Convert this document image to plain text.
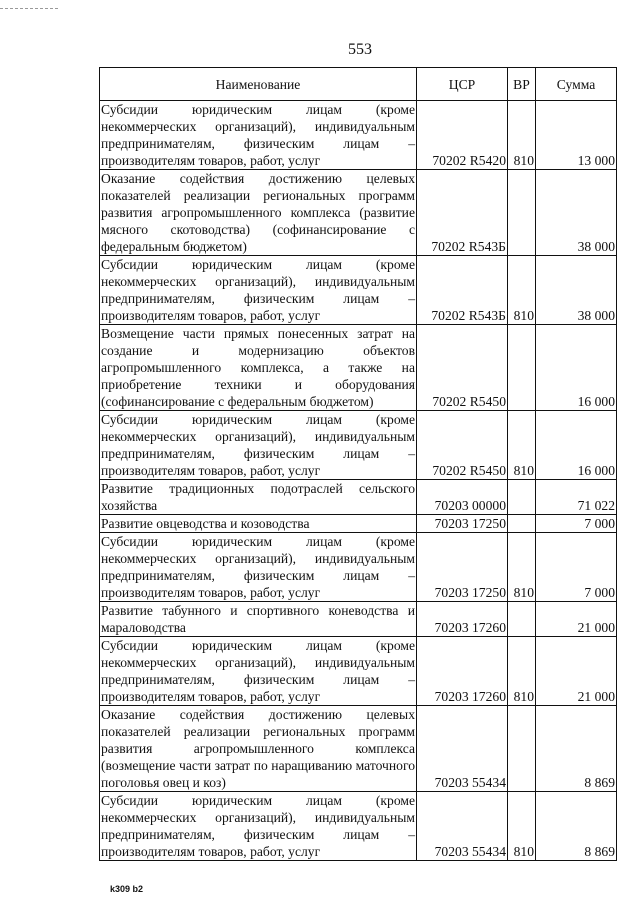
553
Наименование	ЦСР	ВР	Сумма
Субсидии юридическим лицам (кроме некоммерческих организаций), индивидуальным предпринимателям, физическим лицам – производителям товаров, работ, услуг	70202 R5420	810	13 000
Оказание содействия достижению целевых показателей реализации региональных программ развития агропромышленного комплекса (развитие мясного скотоводства) (софинансирование с федеральным бюджетом)	70202 R543Б		38 000
Субсидии юридическим лицам (кроме некоммерческих организаций), индивидуальным предпринимателям, физическим лицам – производителям товаров, работ, услуг	70202 R543Б	810	38 000
Возмещение части прямых понесенных затрат на создание и модернизацию объектов агропромышленного комплекса, а также на приобретение техники и оборудования (софинансирование с федеральным бюджетом)	70202 R5450		16 000
Субсидии юридическим лицам (кроме некоммерческих организаций), индивидуальным предпринимателям, физическим лицам – производителям товаров, работ, услуг	70202 R5450	810	16 000
Развитие традиционных подотраслей сельского хозяйства	70203 00000		71 022
Развитие овцеводства и козоводства	70203 17250		7 000
Субсидии юридическим лицам (кроме некоммерческих организаций), индивидуальным предпринимателям, физическим лицам – производителям товаров, работ, услуг	70203 17250	810	7 000
Развитие табунного и спортивного коневодства и мараловодства	70203 17260		21 000
Субсидии юридическим лицам (кроме некоммерческих организаций), индивидуальным предпринимателям, физическим лицам – производителям товаров, работ, услуг	70203 17260	810	21 000
Оказание содействия достижению целевых показателей реализации региональных программ развития агропромышленного комплекса (возмещение части затрат по наращиванию маточного поголовья овец и коз)	70203 55434		8 869
Субсидии юридическим лицам (кроме некоммерческих организаций), индивидуальным предпринимателям, физическим лицам – производителям товаров, работ, услуг	70203 55434	810	8 869
k309 b2
